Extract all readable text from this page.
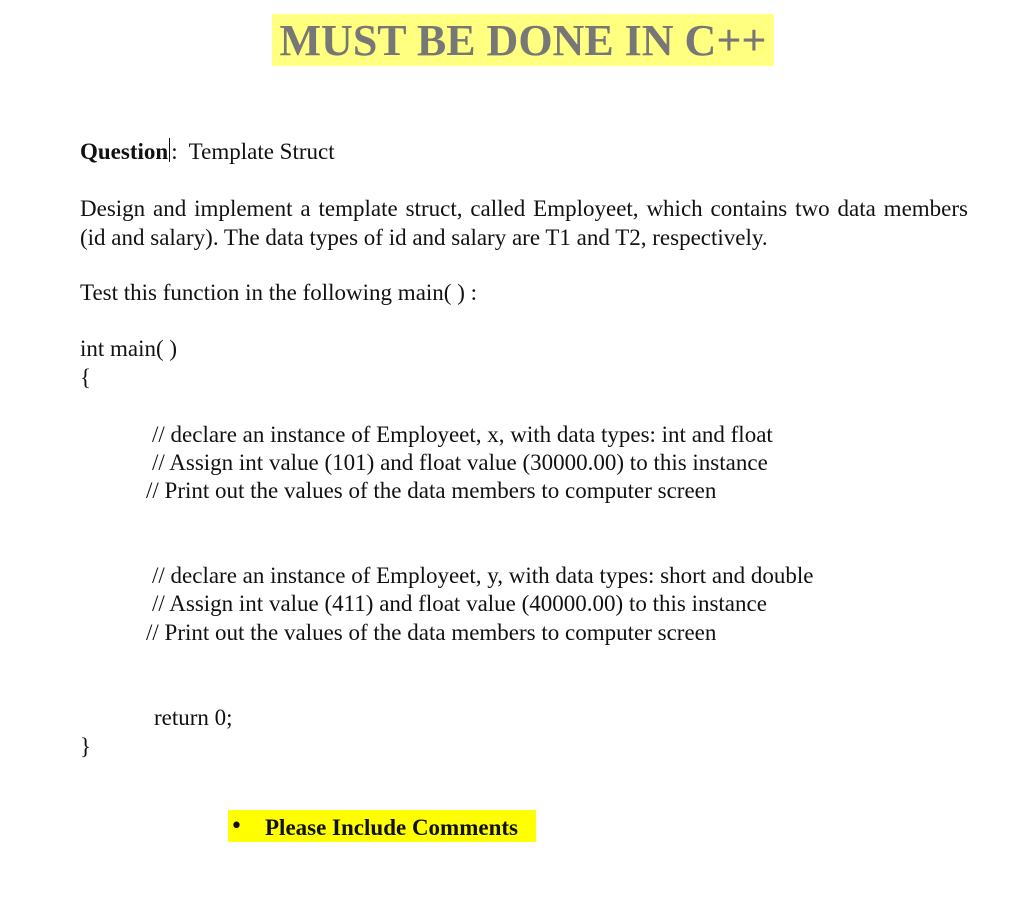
MUST BE DONE IN C++
Question : Template Struct
Design and implement a template struct, called Employeet, which contains two data members (id and salary). The data types of id and salary are T1 and T2, respectively.
Test this function in the following main( ) :
int main( )
{
// declare an instance of Employeet, x, with data types: int and float
// Assign int value (101) and float value (30000.00) to this instance
// Print out the values of the data members to computer screen
// declare an instance of Employeet, y, with data types: short and double
// Assign int value (411) and float value (40000.00) to this instance
// Print out the values of the data members to computer screen
return 0;
}
• Please Include Comments
